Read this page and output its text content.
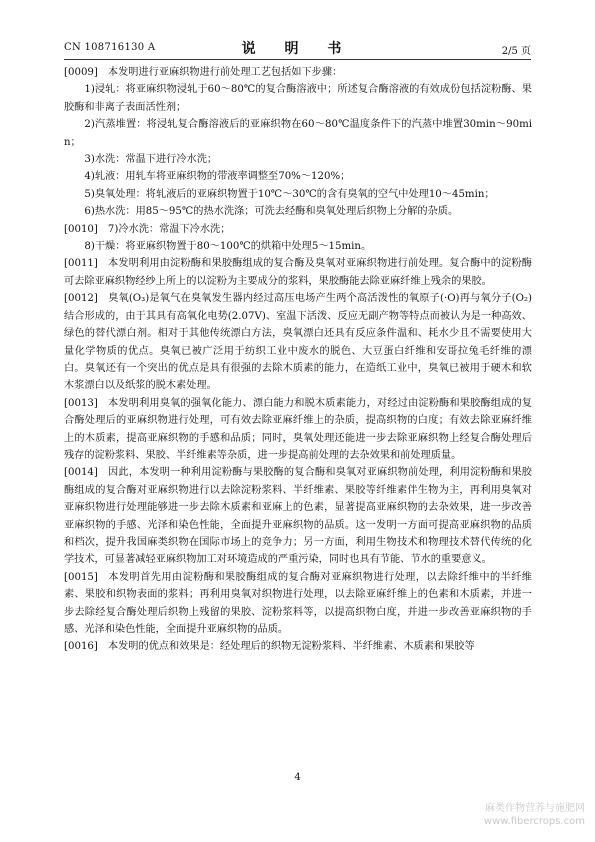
CN 108716130 A	说 明 书	2/5 页

[0009] 本发明进行亚麻织物进行前处理工艺包括如下步骤：

1)浸轧：将亚麻织物浸轧于60～80℃的复合酶溶液中；所述复合酶溶液的有效成份包括淀粉酶、果胶酶和非离子表面活性剂；

2)汽蒸堆置：将浸轧复合酶溶液后的亚麻织物在60～80℃温度条件下的汽蒸中堆置30min～90min；

3)水洗：常温下进行冷水洗；

4)轧液：用轧车将亚麻织物的带液率调整至70%～120%；

5)臭氧处理：将轧液后的亚麻织物置于10℃～30℃的含有臭氧的空气中处理10～45min；

6)热水洗：用85～95℃的热水洗涤；可洗去经酶和臭氧处理后织物上分解的杂质。

[0010] 7)冷水洗：常温下冷水洗；

8)干燥：将亚麻织物置于80～100℃的烘箱中处理5～15min。

[0011] 本发明利用由淀粉酶和果胶酶组成的复合酶及臭氧对亚麻织物进行前处理。复合酶中的淀粉酶可去除亚麻织物经纱上所上的以淀粉为主要成分的浆料，果胶酶能去除亚麻纤维上残余的果胶。

[0012] 臭氧(O₃)是氧气在臭氧发生器内经过高压电场产生两个高活泼性的氧原子(·O)再与氧分子(O₂)结合形成的，由于其具有高氧化电势(2.07V)、室温下活泼、反应无副产物等特点而被认为是一种高效、绿色的替代漂白剂。相对于其他传统漂白方法，臭氧漂白还具有反应条件温和、耗水少且不需要使用大量化学物质的优点。臭氧已被广泛用于纺织工业中废水的脱色、大豆蛋白纤维和安哥拉兔毛纤维的漂白。臭氧还有一个突出的优点是具有很强的去除木质素的能力，在造纸工业中，臭氧已被用于硬木和软木浆漂白以及纸浆的脱木素处理。

[0013] 本发明利用臭氧的强氧化能力、漂白能力和脱木质素能力，对经过由淀粉酶和果胶酶组成的复合酶处理后的亚麻织物进行处理，可有效去除亚麻纤维上的杂质，提高织物的白度；有效去除亚麻纤维上的木质素，提高亚麻织物的手感和品质；同时，臭氧处理还能进一步去除亚麻织物上经复合酶处理后残存的淀粉浆料、果胶、半纤维素等杂质，进一步提高前处理的去杂效果和前处理质量。

[0014] 因此，本发明一种利用淀粉酶与果胶酶的复合酶和臭氧对亚麻织物前处理，利用淀粉酶和果胶酶组成的复合酶对亚麻织物进行以去除淀粉浆料、半纤维素、果胶等纤维素伴生物为主，再利用臭氧对亚麻织物进行处理能够进一步去除木质素和亚麻上的色素，显著提高亚麻织物的去杂效果，进一步改善亚麻织物的手感、光泽和染色性能，全面提升亚麻织物的品质。这一发明一方面可提高亚麻织物的品质和档次，提升我国麻类织物在国际市场上的竞争力；另一方面，利用生物技术和物理技术替代传统的化学技术，可显著减轻亚麻织物加工对环境造成的严重污染，同时也具有节能、节水的重要意义。

[0015] 本发明首先用由淀粉酶和果胶酶组成的复合酶对亚麻织物进行处理，以去除纤维中的半纤维素、果胶和织物表面的浆料；再利用臭氧对织物进行处理，以去除亚麻纤维上的色素和木质素，并进一步去除经复合酶处理后织物上残留的果胶、淀粉浆料等，以提高织物白度，并进一步改善亚麻织物的手感、光泽和染色性能，全面提升亚麻织物的品质。

[0016] 本发明的优点和效果是：经处理后的织物无淀粉浆料、半纤维素、木质素和果胶等

4
麻类作物营养与施肥网
www.fibercrops.com
